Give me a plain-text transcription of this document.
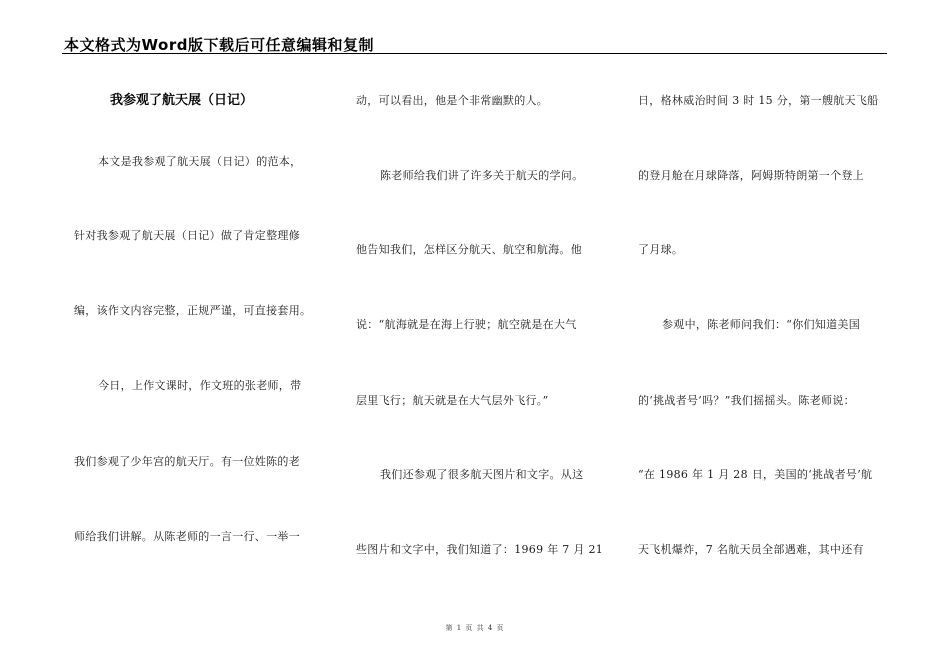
本文格式为Word版下载后可任意编辑和复制
我参观了航天展（日记）
本文是我参观了航天展（日记）的范本，
针对我参观了航天展（日记）做了肯定整理修
编，该作文内容完整，正规严谨，可直接套用。
今日，上作文课时，作文班的张老师，带
我们参观了少年宫的航天厅。有一位姓陈的老
师给我们讲解。从陈老师的一言一行、一举一
动，可以看出，他是个非常幽默的人。
陈老师给我们讲了许多关于航天的学问。
他告知我们，怎样区分航天、航空和航海。他
说：“航海就是在海上行驶；航空就是在大气
层里飞行；航天就是在大气层外飞行。”
我们还参观了很多航天图片和文字。从这
些图片和文字中，我们知道了：1969 年 7 月 21
日，格林威治时间 3 时 15 分，第一艘航天飞船
的登月舱在月球降落，阿姆斯特朗第一个登上
了月球。
参观中，陈老师问我们：“你们知道美国
的‘挑战者号’吗？”我们摇摇头。陈老师说：
“在 1986 年 1 月 28 日，美国的‘挑战者号’航
天飞机爆炸，7 名航天员全部遇难，其中还有
第 1 页 共 4 页
